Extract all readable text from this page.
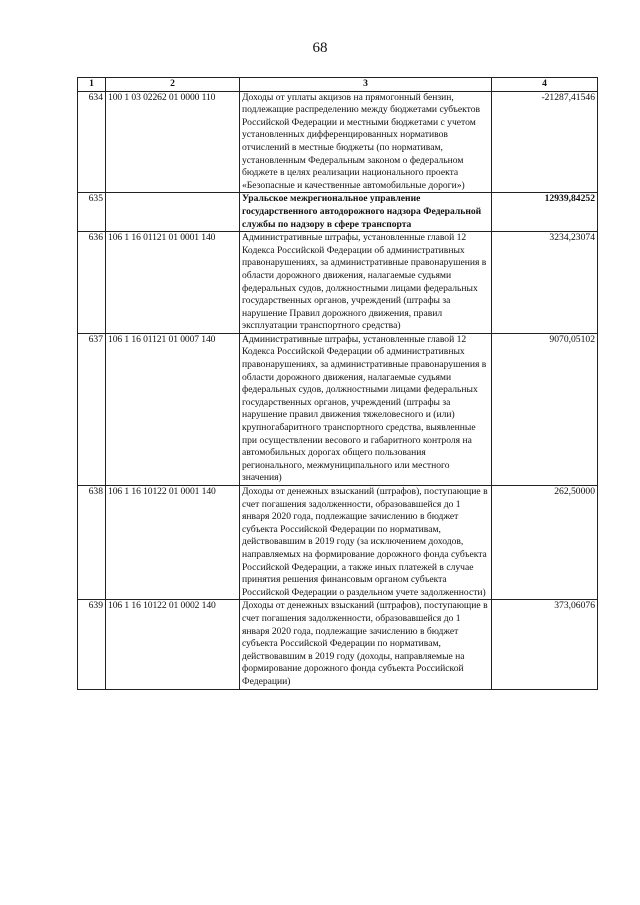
68
1	2	3	4
634	100 1 03 02262 01 0000 110	Доходы от уплаты акцизов на прямогонный бензин, подлежащие распределению между бюджетами субъектов Российской Федерации и местными бюджетами с учетом установленных дифференцированных нормативов отчислений в местные бюджеты (по нормативам, установленным Федеральным законом о федеральном бюджете в целях реализации национального проекта «Безопасные и качественные автомобильные дороги»)	-21287,41546
635		Уральское межрегиональное управление государственного автодорожного надзора Федеральной службы по надзору в сфере транспорта	12939,84252
636	106 1 16 01121 01 0001 140	Административные штрафы, установленные главой 12 Кодекса Российской Федерации об административных правонарушениях, за административные правонарушения в области дорожного движения, налагаемые судьями федеральных судов, должностными лицами федеральных государственных органов, учреждений (штрафы за нарушение Правил дорожного движения, правил эксплуатации транспортного средства)	3234,23074
637	106 1 16 01121 01 0007 140	Административные штрафы, установленные главой 12 Кодекса Российской Федерации об административных правонарушениях, за административные правонарушения в области дорожного движения, налагаемые судьями федеральных судов, должностными лицами федеральных государственных органов, учреждений (штрафы за нарушение правил движения тяжеловесного и (или) крупногабаритного транспортного средства, выявленные при осуществлении весового и габаритного контроля на автомобильных дорогах общего пользования регионального, межмуниципального или местного значения)	9070,05102
638	106 1 16 10122 01 0001 140	Доходы от денежных взысканий (штрафов), поступающие в счет погашения задолженности, образовавшейся до 1 января 2020 года, подлежащие зачислению в бюджет субъекта Российской Федерации по нормативам, действовавшим в 2019 году (за исключением доходов, направляемых на формирование дорожного фонда субъекта Российской Федерации, а также иных платежей в случае принятия решения финансовым органом субъекта Российской Федерации о раздельном учете задолженности)	262,50000
639	106 1 16 10122 01 0002 140	Доходы от денежных взысканий (штрафов), поступающие в счет погашения задолженности, образовавшейся до 1 января 2020 года, подлежащие зачислению в бюджет субъекта Российской Федерации по нормативам, действовавшим в 2019 году (доходы, направляемые на формирование дорожного фонда субъекта Российской Федерации)	373,06076
